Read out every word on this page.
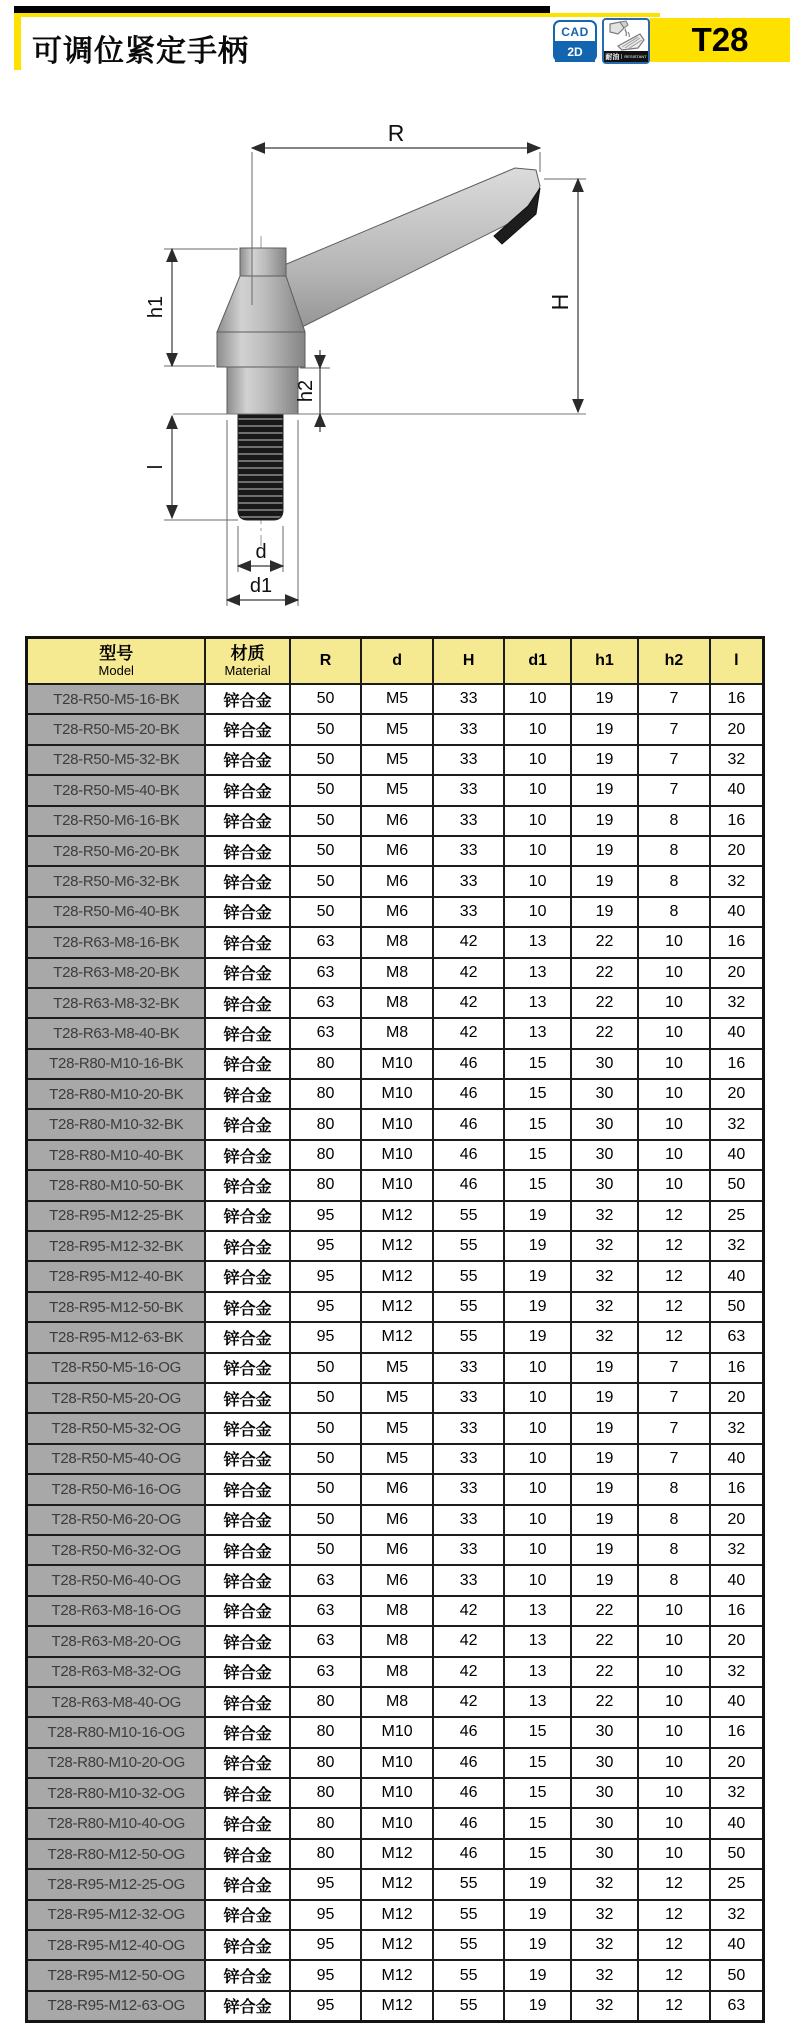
可调位紧定手柄
CAD
2D	耐油	RESISTANT	T28
R
H
h1
h2
l
d
d1
型号
Model

材质
Material
	R	d	H	d1	h1	h2	l
T28-R50-M5-16-BK	锌合金	50	M5	33	10	19	7	16
T28-R50-M5-20-BK	锌合金	50	M5	33	10	19	7	20
T28-R50-M5-32-BK	锌合金	50	M5	33	10	19	7	32
T28-R50-M5-40-BK	锌合金	50	M5	33	10	19	7	40
T28-R50-M6-16-BK	锌合金	50	M6	33	10	19	8	16
T28-R50-M6-20-BK	锌合金	50	M6	33	10	19	8	20
T28-R50-M6-32-BK	锌合金	50	M6	33	10	19	8	32
T28-R50-M6-40-BK	锌合金	50	M6	33	10	19	8	40
T28-R63-M8-16-BK	锌合金	63	M8	42	13	22	10	16
T28-R63-M8-20-BK	锌合金	63	M8	42	13	22	10	20
T28-R63-M8-32-BK	锌合金	63	M8	42	13	22	10	32
T28-R63-M8-40-BK	锌合金	63	M8	42	13	22	10	40
T28-R80-M10-16-BK	锌合金	80	M10	46	15	30	10	16
T28-R80-M10-20-BK	锌合金	80	M10	46	15	30	10	20
T28-R80-M10-32-BK	锌合金	80	M10	46	15	30	10	32
T28-R80-M10-40-BK	锌合金	80	M10	46	15	30	10	40
T28-R80-M10-50-BK	锌合金	80	M10	46	15	30	10	50
T28-R95-M12-25-BK	锌合金	95	M12	55	19	32	12	25
T28-R95-M12-32-BK	锌合金	95	M12	55	19	32	12	32
T28-R95-M12-40-BK	锌合金	95	M12	55	19	32	12	40
T28-R95-M12-50-BK	锌合金	95	M12	55	19	32	12	50
T28-R95-M12-63-BK	锌合金	95	M12	55	19	32	12	63
T28-R50-M5-16-OG	锌合金	50	M5	33	10	19	7	16
T28-R50-M5-20-OG	锌合金	50	M5	33	10	19	7	20
T28-R50-M5-32-OG	锌合金	50	M5	33	10	19	7	32
T28-R50-M5-40-OG	锌合金	50	M5	33	10	19	7	40
T28-R50-M6-16-OG	锌合金	50	M6	33	10	19	8	16
T28-R50-M6-20-OG	锌合金	50	M6	33	10	19	8	20
T28-R50-M6-32-OG	锌合金	50	M6	33	10	19	8	32
T28-R50-M6-40-OG	锌合金	63	M6	33	10	19	8	40
T28-R63-M8-16-OG	锌合金	63	M8	42	13	22	10	16
T28-R63-M8-20-OG	锌合金	63	M8	42	13	22	10	20
T28-R63-M8-32-OG	锌合金	63	M8	42	13	22	10	32
T28-R63-M8-40-OG	锌合金	80	M8	42	13	22	10	40
T28-R80-M10-16-OG	锌合金	80	M10	46	15	30	10	16
T28-R80-M10-20-OG	锌合金	80	M10	46	15	30	10	20
T28-R80-M10-32-OG	锌合金	80	M10	46	15	30	10	32
T28-R80-M10-40-OG	锌合金	80	M10	46	15	30	10	40
T28-R80-M12-50-OG	锌合金	80	M12	46	15	30	10	50
T28-R95-M12-25-OG	锌合金	95	M12	55	19	32	12	25
T28-R95-M12-32-OG	锌合金	95	M12	55	19	32	12	32
T28-R95-M12-40-OG	锌合金	95	M12	55	19	32	12	40
T28-R95-M12-50-OG	锌合金	95	M12	55	19	32	12	50
T28-R95-M12-63-OG	锌合金	95	M12	55	19	32	12	63
